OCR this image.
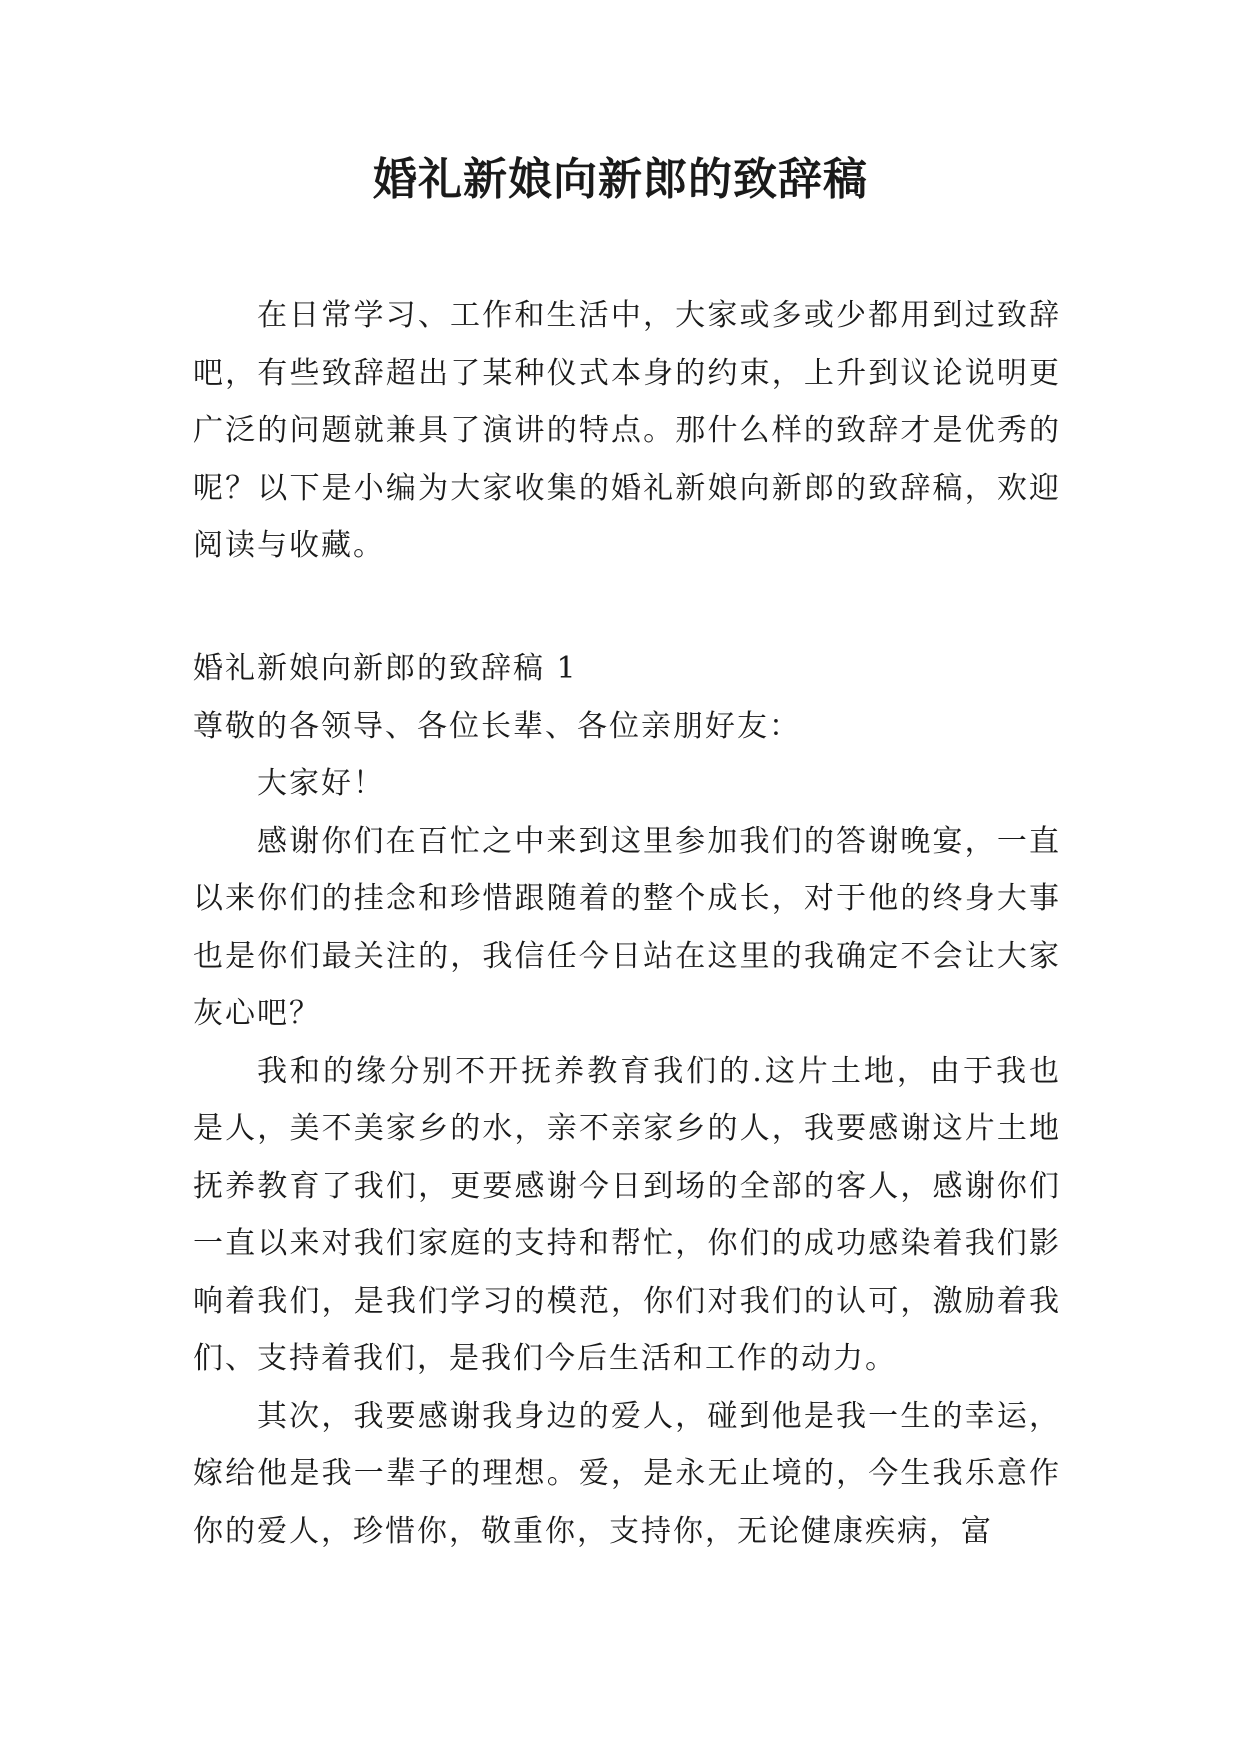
婚礼新娘向新郎的致辞稿

在日常学习、工作和生活中，大家或多或少都用到过致辞吧，有些致辞超出了某种仪式本身的约束，上升到议论说明更广泛的问题就兼具了演讲的特点。那什么样的致辞才是优秀的呢？以下是小编为大家收集的婚礼新娘向新郎的致辞稿，欢迎阅读与收藏。

婚礼新娘向新郎的致辞稿 1

尊敬的各领导、各位长辈、各位亲朋好友：

大家好！

感谢你们在百忙之中来到这里参加我们的答谢晚宴，一直以来你们的挂念和珍惜跟随着的整个成长，对于他的终身大事也是你们最关注的，我信任今日站在这里的我确定不会让大家灰心吧？

我和的缘分别不开抚养教育我们的.这片土地，由于我也是人，美不美家乡的水，亲不亲家乡的人，我要感谢这片土地抚养教育了我们，更要感谢今日到场的全部的客人，感谢你们一直以来对我们家庭的支持和帮忙，你们的成功感染着我们影响着我们，是我们学习的模范，你们对我们的认可，激励着我们、支持着我们，是我们今后生活和工作的动力。

其次，我要感谢我身边的爱人，碰到他是我一生的幸运，嫁给他是我一辈子的理想。爱，是永无止境的，今生我乐意作你的爱人，珍惜你，敬重你，支持你，无论健康疾病，富
